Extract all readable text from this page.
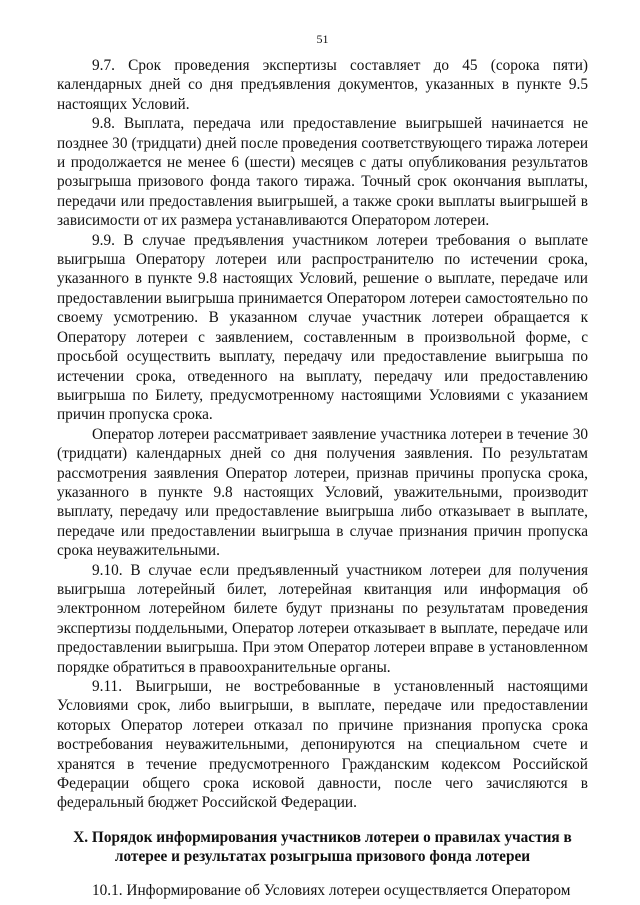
51

9.7. Срок проведения экспертизы составляет до 45 (сорока пяти) календарных дней со дня предъявления документов, указанных в пункте 9.5 настоящих Условий.

9.8. Выплата, передача или предоставление выигрышей начинается не позднее 30 (тридцати) дней после проведения соответствующего тиража лотереи и продолжается не менее 6 (шести) месяцев с даты опубликования результатов розыгрыша призового фонда такого тиража. Точный срок окончания выплаты, передачи или предоставления выигрышей, а также сроки выплаты выигрышей в зависимости от их размера устанавливаются Оператором лотереи.

9.9. В случае предъявления участником лотереи требования о выплате выигрыша Оператору лотереи или распространителю по истечении срока, указанного в пункте 9.8 настоящих Условий, решение о выплате, передаче или предоставлении выигрыша принимается Оператором лотереи самостоятельно по своему усмотрению. В указанном случае участник лотереи обращается к Оператору лотереи с заявлением, составленным в произвольной форме, с просьбой осуществить выплату, передачу или предоставление выигрыша по истечении срока, отведенного на выплату, передачу или предоставлению выигрыша по Билету, предусмотренному настоящими Условиями с указанием причин пропуска срока.

Оператор лотереи рассматривает заявление участника лотереи в течение 30 (тридцати) календарных дней со дня получения заявления. По результатам рассмотрения заявления Оператор лотереи, признав причины пропуска срока, указанного в пункте 9.8 настоящих Условий, уважительными, производит выплату, передачу или предоставление выигрыша либо отказывает в выплате, передаче или предоставлении выигрыша в случае признания причин пропуска срока неуважительными.

9.10. В случае если предъявленный участником лотереи для получения выигрыша лотерейный билет, лотерейная квитанция или информация об электронном лотерейном билете будут признаны по результатам проведения экспертизы поддельными, Оператор лотереи отказывает в выплате, передаче или предоставлении выигрыша. При этом Оператор лотереи вправе в установленном порядке обратиться в правоохранительные органы.

9.11. Выигрыши, не востребованные в установленный настоящими Условиями срок, либо выигрыши, в выплате, передаче или предоставлении которых Оператор лотереи отказал по причине признания пропуска срока востребования неуважительными, депонируются на специальном счете и хранятся в течение предусмотренного Гражданским кодексом Российской Федерации общего срока исковой давности, после чего зачисляются в федеральный бюджет Российской Федерации.

X. Порядок информирования участников лотереи о правилах участия в
лотерее и результатах розыгрыша призового фонда лотереи

10.1. Информирование об Условиях лотереи осуществляется Оператором
